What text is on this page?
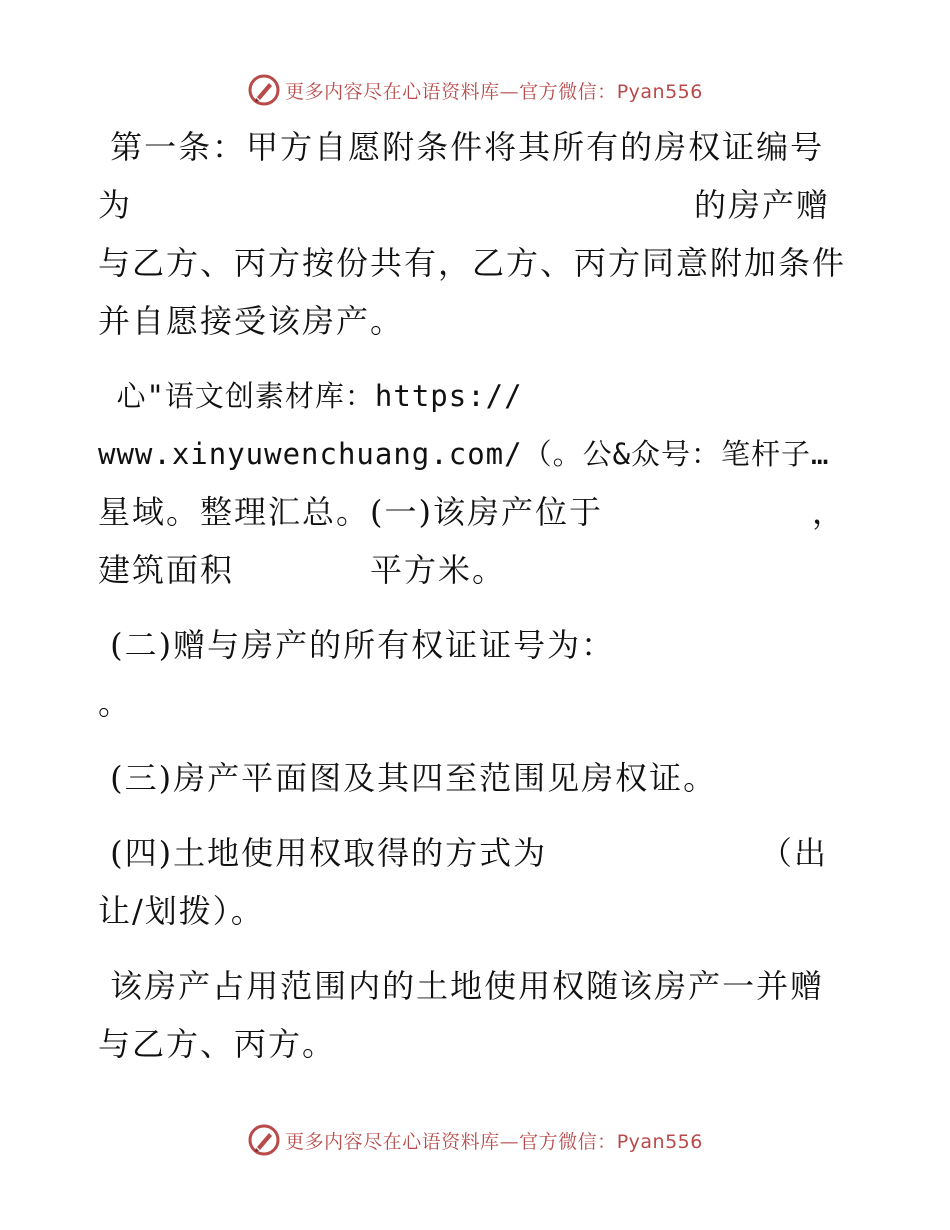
更多内容尽在心语资料库—官方微信：Pyan556
第一条：甲方自愿附条件将其所有的房权证编号
为	的房产赠
与乙方、丙方按份共有，乙方、丙方同意附加条件
并自愿接受该房产。
心"语文创素材库：https://
www.xinyuwenchuang.com/（。公&众号：笔杆子…
星域。整理汇总。(一)该房产位于	，
建筑面积	平方米。
(二)赠与房产的所有权证证号为：
。
(三)房产平面图及其四至范围见房权证。
(四)土地使用权取得的方式为	（出
让/划拨）。
该房产占用范围内的土地使用权随该房产一并赠
与乙方、丙方。
更多内容尽在心语资料库—官方微信：Pyan556
